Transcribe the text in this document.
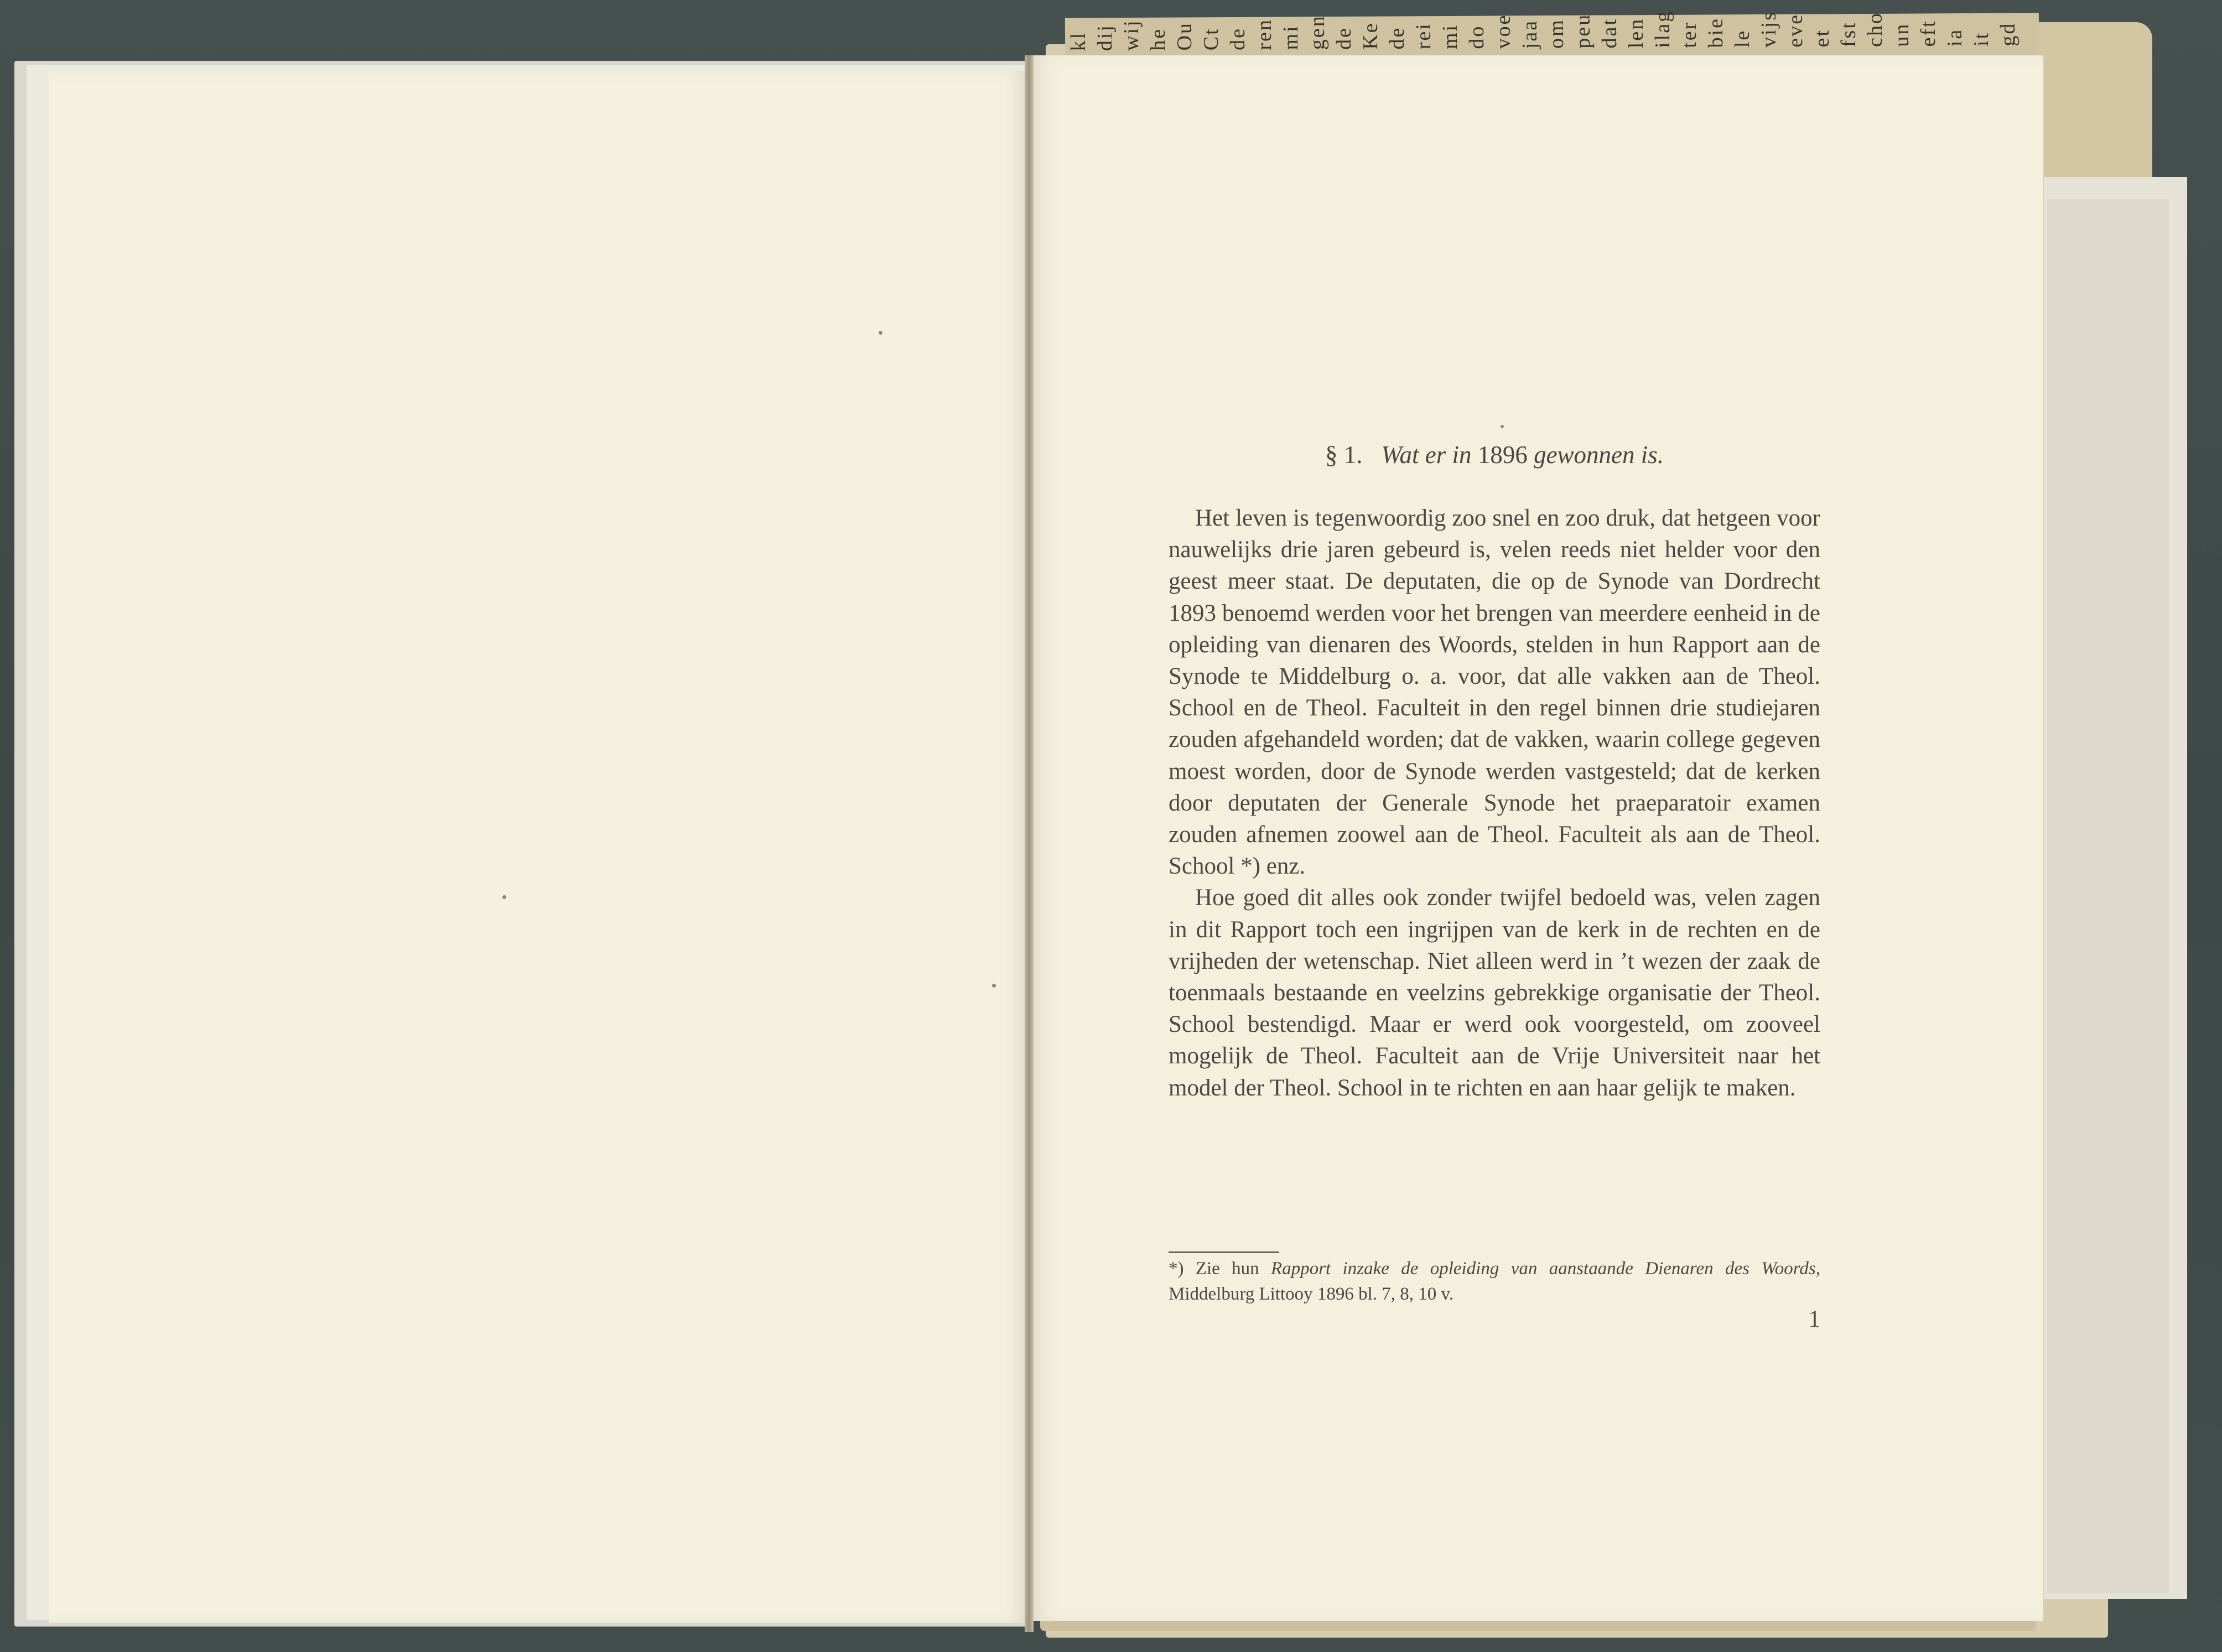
kl dij wij he Ou Ct de ren mi gen de Ke de rei mi do voe jaa om peu dat len ilag ter bie le vijs eve et fst cho un eft ia it gd
§ 1. Wat er in 1896 gewonnen is.

Het leven is tegenwoordig zoo snel en zoo druk, dat hetgeen voor nauwelijks drie jaren gebeurd is, velen reeds niet helder voor den geest meer staat. De deputaten, die op de Synode van Dordrecht 1893 benoemd werden voor het brengen van meerdere eenheid in de opleiding van dienaren des Woords, stelden in hun Rapport aan de Synode te Middelburg o. a. voor, dat alle vakken aan de Theol. School en de Theol. Faculteit in den regel binnen drie studiejaren zouden afgehandeld worden; dat de vakken, waarin college gegeven moest worden, door de Synode werden vastgesteld; dat de kerken door deputaten der Generale Synode het praeparatoir examen zouden afnemen zoowel aan de Theol. Faculteit als aan de Theol. School *) enz.

Hoe goed dit alles ook zonder twijfel bedoeld was, velen zagen in dit Rapport toch een ingrijpen van de kerk in de rechten en de vrijheden der wetenschap. Niet alleen werd in ’t wezen der zaak de toenmaals bestaande en veelzins gebrekkige organisatie der Theol. School bestendigd. Maar er werd ook voorgesteld, om zooveel mogelijk de Theol. Faculteit aan de Vrije Universiteit naar het model der Theol. School in te richten en aan haar gelijk te maken.

*) Zie hun Rapport inzake de opleiding van aanstaande Dienaren des Woords, Middelburg Littooy 1896 bl. 7, 8, 10 v.
1
